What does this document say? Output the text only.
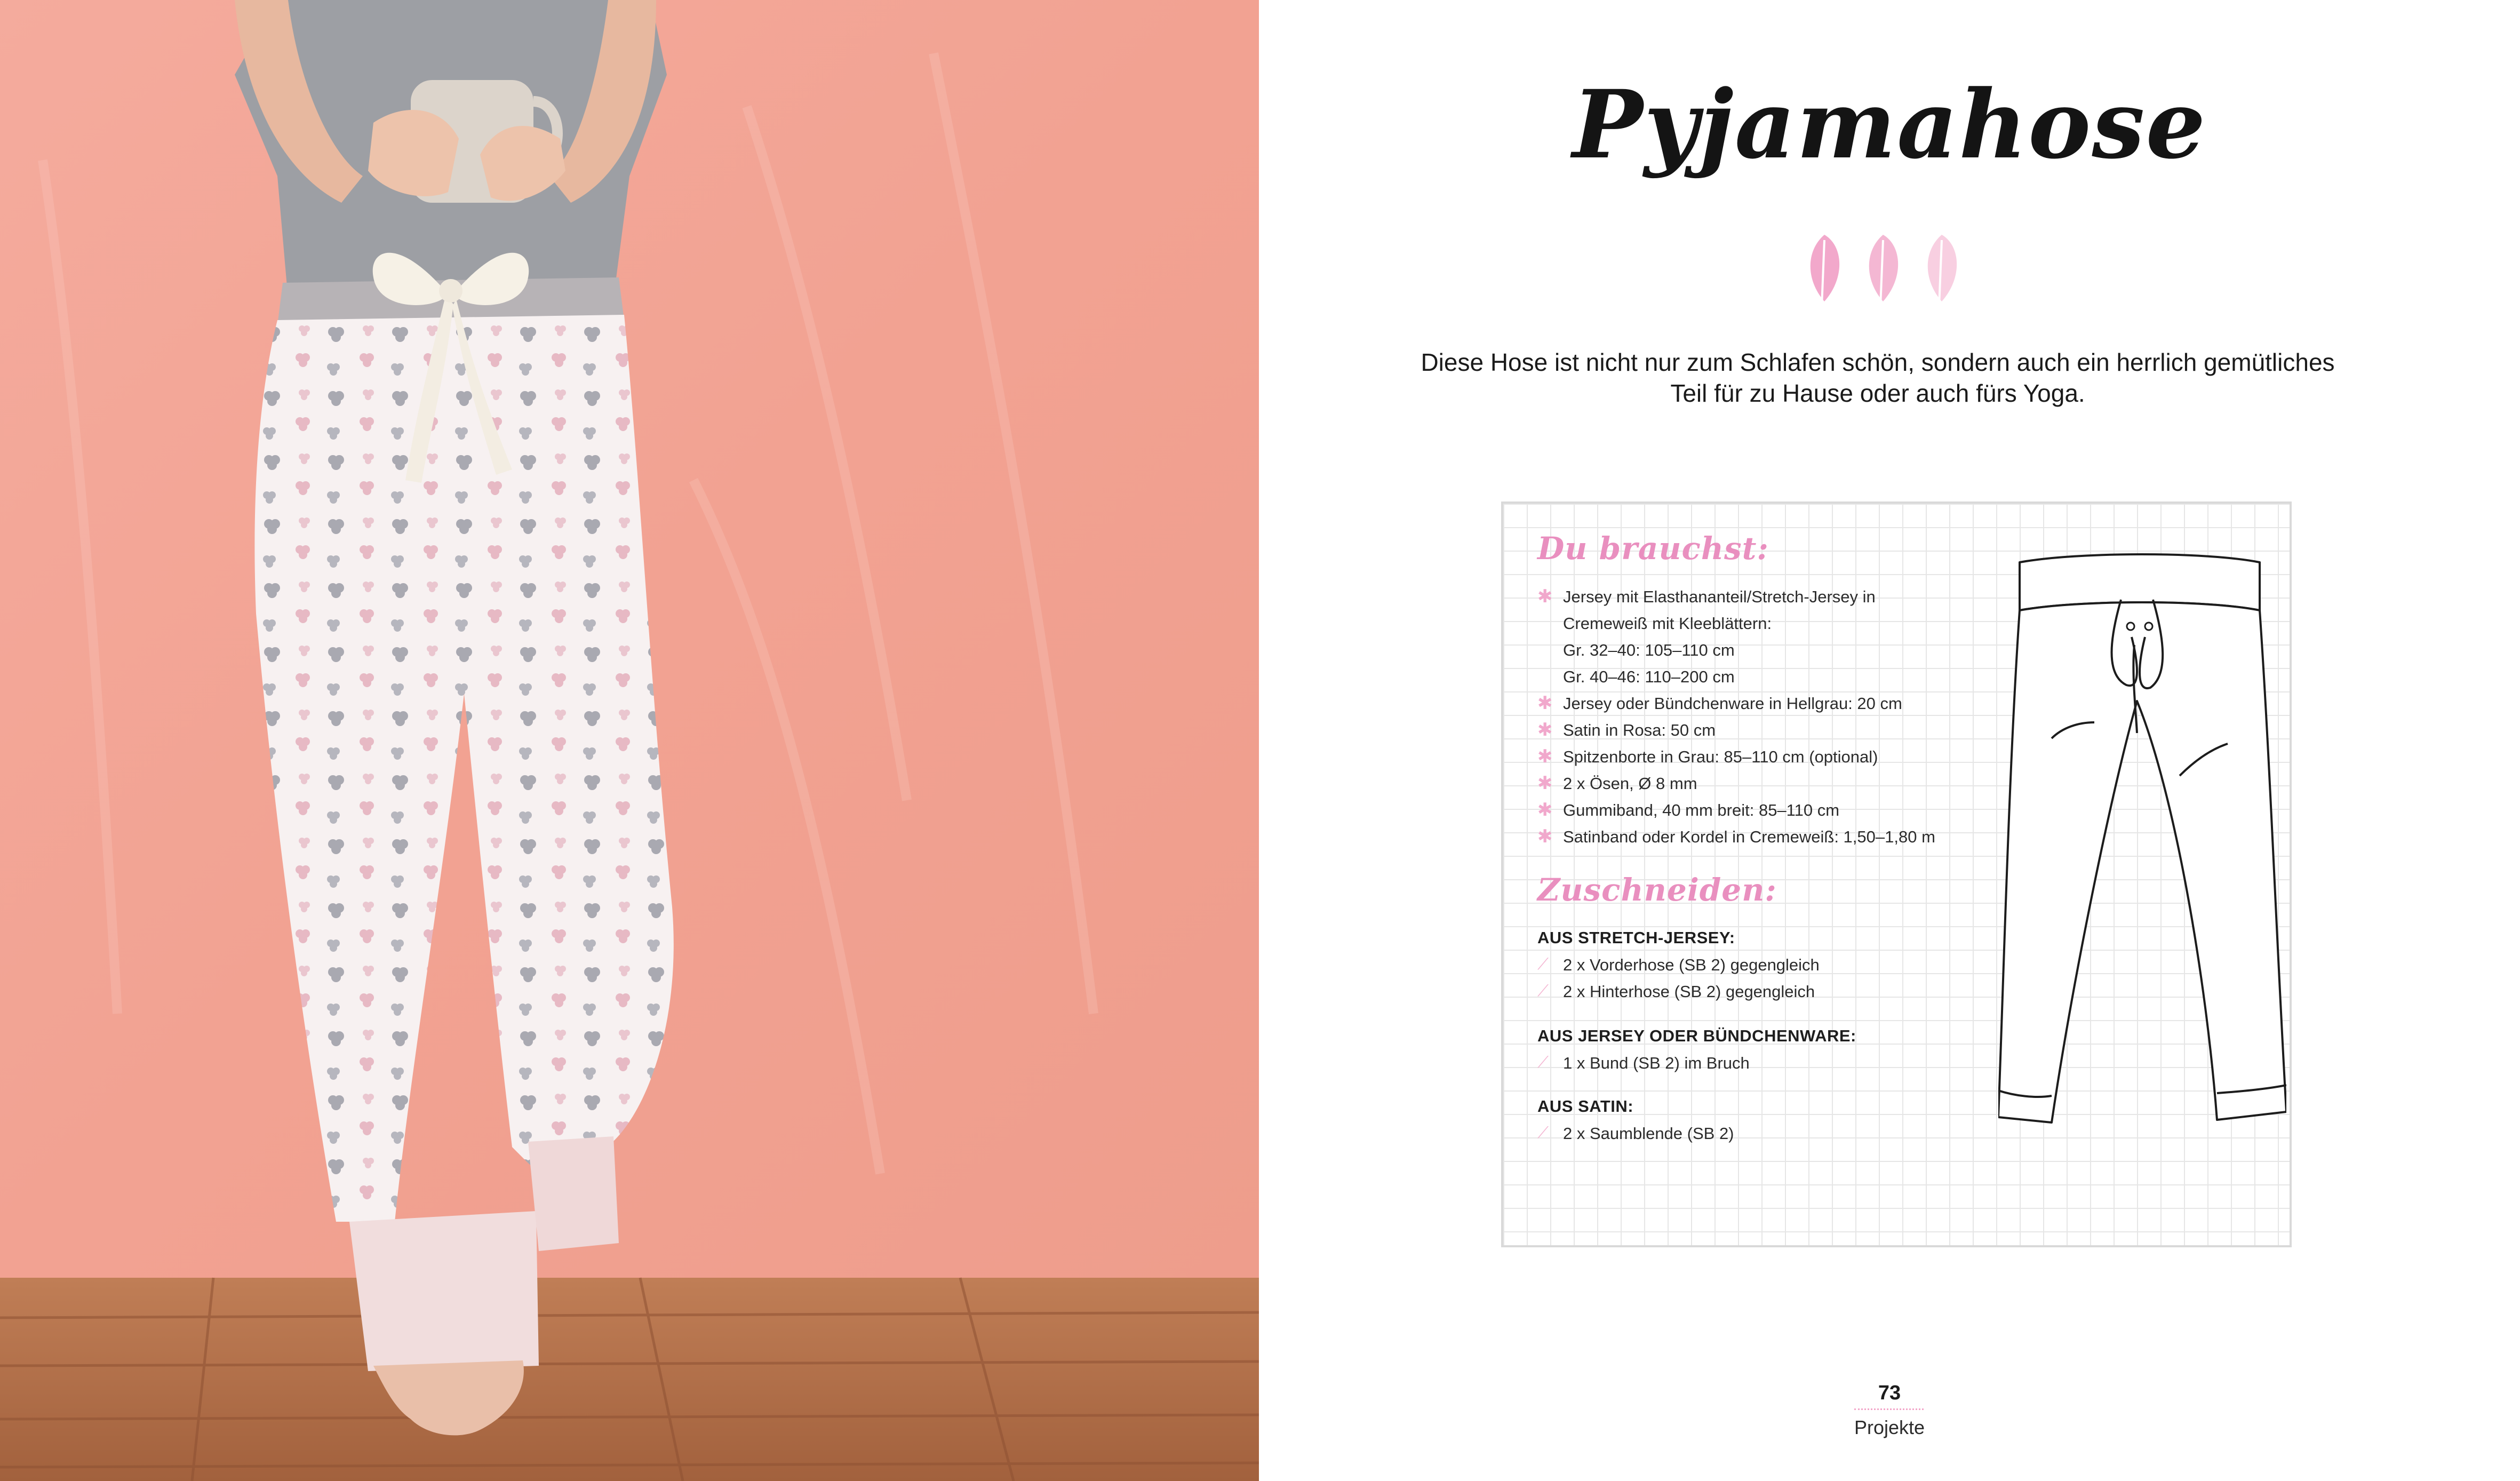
Pyjamahose
Diese Hose ist nicht nur zum Schlafen schön, sondern auch ein herrlich gemütliches Teil für zu Hause oder auch fürs Yoga.
Du brauchst:
✱ Jersey mit Elasthananteil/Stretch-Jersey in
Cremeweiß mit Kleeblättern:
Gr. 32–40: 105–110 cm
Gr. 40–46: 110–200 cm
✱ Jersey oder Bündchenware in Hellgrau: 20 cm
✱ Satin in Rosa: 50 cm
✱ Spitzenborte in Grau: 85–110 cm (optional)
✱ 2 x Ösen, Ø 8 mm
✱ Gummiband, 40 mm breit: 85–110 cm
✱ Satinband oder Kordel in Cremeweiß: 1,50–1,80 m
Zuschneiden:
AUS STRETCH-JERSEY:
⟋ 2 x Vorderhose (SB 2) gegengleich
⟋ 2 x Hinterhose (SB 2) gegengleich
AUS JERSEY ODER BÜNDCHENWARE:
⟋ 1 x Bund (SB 2) im Bruch
AUS SATIN:
⟋ 2 x Saumblende (SB 2)
73
Projekte
